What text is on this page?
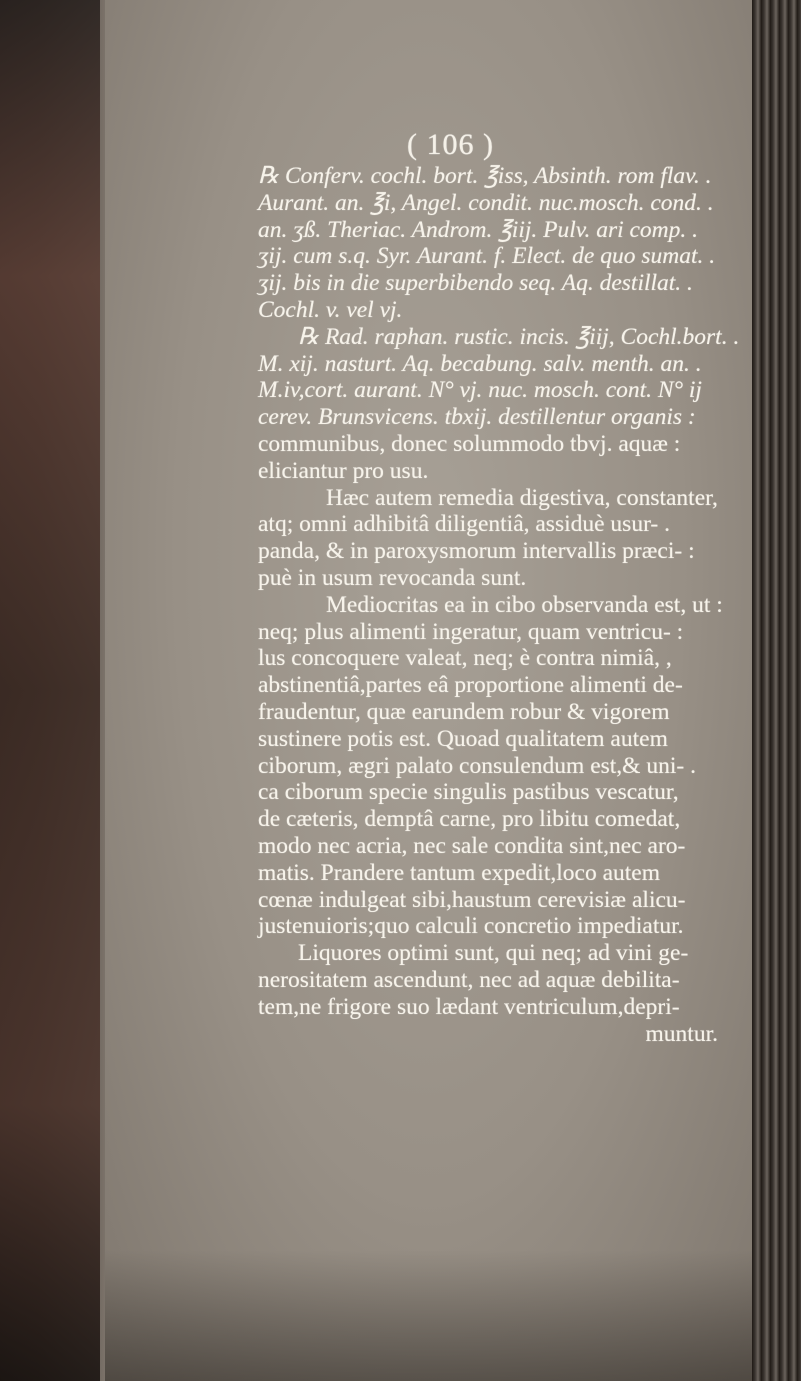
( 106 )
℞ Conferv. cochl. bort. ℥iss, Absinth. rom flav. .
Aurant. an. ℥i, Angel. condit. nuc.mosch. cond. .
an. ʒß. Theriac. Androm. ℥iij. Pulv. ari comp. .
ʒij. cum s.q. Syr. Aurant. f. Elect. de quo sumat. .
ʒij. bis in die superbibendo seq. Aq. destillat. .
Cochl. v. vel vj.
℞ Rad. raphan. rustic. incis. ℥iij, Cochl.bort. .
M. xij. nasturt. Aq. becabung. salv. menth. an. .
M.iv,cort. aurant. N° vj. nuc. mosch. cont. N° ij
cerev. Brunsvicens. tbxij. destillentur organis :
communibus, donec solummodo tbvj. aquæ :
eliciantur pro usu.
Hæc autem remedia digestiva, constanter,
atq; omni adhibitâ diligentiâ, assiduè usur- .
panda, & in paroxysmorum intervallis præci- :
puè in usum revocanda sunt.
Mediocritas ea in cibo observanda est, ut :
neq; plus alimenti ingeratur, quam ventricu- :
lus concoquere valeat, neq; è contra nimiâ, ,
abstinentiâ,partes eâ proportione alimenti de-
fraudentur, quæ earundem robur & vigorem
sustinere potis est. Quoad qualitatem autem
ciborum, ægri palato consulendum est,& uni- .
ca ciborum specie singulis pastibus vescatur,
de cæteris, demptâ carne, pro libitu comedat,
modo nec acria, nec sale condita sint,nec aro-
matis. Prandere tantum expedit,loco autem
cœnæ indulgeat sibi,haustum cerevisiæ alicu-
justenuioris;quo calculi concretio impediatur.
Liquores optimi sunt, qui neq; ad vini ge-
nerositatem ascendunt, nec ad aquæ debilita-
tem,ne frigore suo lædant ventriculum,depri-
muntur.
